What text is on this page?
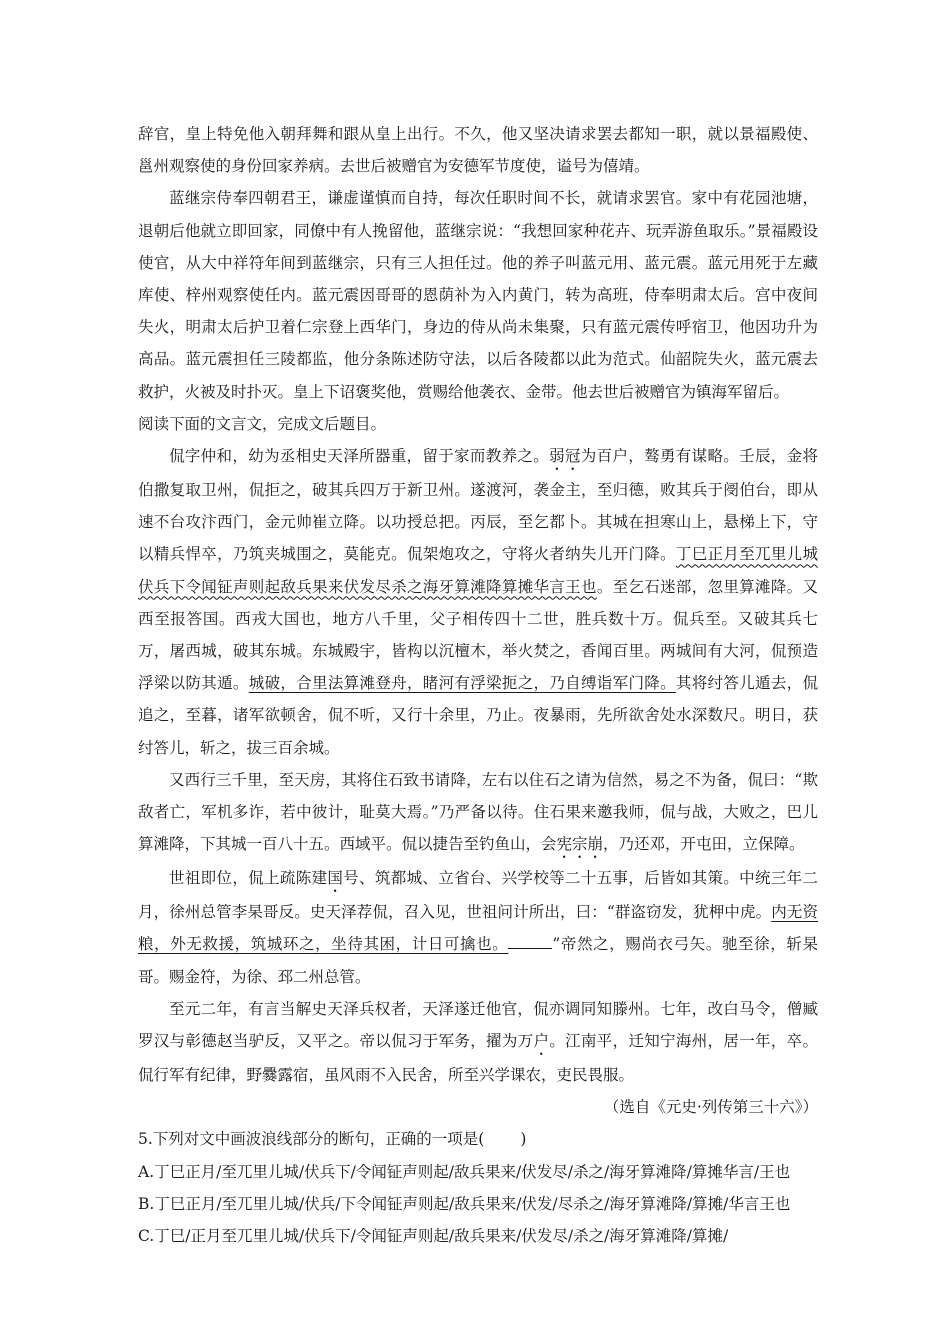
辞官，皇上特免他入朝拜舞和跟从皇上出行。不久，他又坚决请求罢去都知一职，就以景福殿使、邕州观察使的身份回家养病。去世后被赠官为安德军节度使，谥号为僖靖。

蓝继宗侍奉四朝君王，谦虚谨慎而自持，每次任职时间不长，就请求罢官。家中有花园池塘，退朝后他就立即回家，同僚中有人挽留他，蓝继宗说：“我想回家种花卉、玩弄游鱼取乐。”景福殿设使官，从大中祥符年间到蓝继宗，只有三人担任过。他的养子叫蓝元用、蓝元震。蓝元用死于左藏库使、梓州观察使任内。蓝元震因哥哥的恩荫补为入内黄门，转为高班，侍奉明肃太后。宫中夜间失火，明肃太后护卫着仁宗登上西华门，身边的侍从尚未集聚，只有蓝元震传呼宿卫，他因功升为高品。蓝元震担任三陵都监，他分条陈述防守法，以后各陵都以此为范式。仙韶院失火，蓝元震去救护，火被及时扑灭。皇上下诏褒奖他，赏赐给他袭衣、金带。他去世后被赠官为镇海军留后。

阅读下面的文言文，完成文后题目。

侃字仲和，幼为丞相史天泽所器重，留于家而教养之。弱冠为百户，骜勇有谋略。壬辰，金将伯撒复取卫州，侃拒之，破其兵四万于新卫州。遂渡河，袭金主，至归德，败其兵于阌伯台，即从速不台攻汴西门，金元帅崔立降。以功授总把。丙辰，至乞都卜。其城在担寒山上，悬梯上下，守以精兵悍卒，乃筑夹城围之，莫能克。侃架炮攻之，守将火者纳失儿开门降。丁巳正月至兀里儿城伏兵下令闻钲声则起敌兵果来伏发尽杀之海牙算滩降算摊华言王也。至乞石迷部，忽里算滩降。又西至报答国。西戎大国也，地方八千里，父子相传四十二世，胜兵数十万。侃兵至。又破其兵七万，屠西城，破其东城。东城殿宇，皆构以沉檀木，举火焚之，香闻百里。两城间有大河，侃预造浮梁以防其遁。城破，合里法算滩登舟，睹河有浮梁扼之，乃自缚诣军门降。其将纣答儿遁去，侃追之，至暮，诸军欲顿舍，侃不听，又行十余里，乃止。夜暴雨，先所欲舍处水深数尺。明日，获纣答儿，斩之，拔三百余城。

又西行三千里，至天房，其将住石致书请降，左右以住石之请为信然，易之不为备，侃曰：“欺敌者亡，军机多诈，若中彼计，耻莫大焉。”乃严备以待。住石果来邀我师，侃与战，大败之，巴儿算滩降，下其城一百八十五。西域平。侃以捷告至钓鱼山，会宪宗崩，乃还邓，开屯田，立保障。

世祖即位，侃上疏陈建国号、筑都城、立省台、兴学校等二十五事，后皆如其策。中统三年二月，徐州总管李杲哥反。史天泽荐侃，召入见，世祖问计所出，曰：“群盗窃发，犹柙中虎。内无资粮，外无救援，筑城环之，坐待其困，计日可擒也。	”帝然之，赐尚衣弓矢。驰至徐，斩杲哥。赐金符，为徐、邳二州总管。

至元二年，有言当解史天泽兵权者，天泽遂迁他官，侃亦调同知滕州。七年，改白马令，僧臧罗汉与彰德赵当驴反，又平之。帝以侃习于军务，擢为万户。江南平，迁知宁海州，居一年，卒。侃行军有纪律，野爨露宿，虽风雨不入民舍，所至兴学课农，吏民畏服。

（选自《元史·列传第三十六》）

5.下列对文中画波浪线部分的断句，正确的一项是( )

A.丁巳正月/至兀里儿城/伏兵下/令闻钲声则起/敌兵果来/伏发尽/杀之/海牙算滩降/算摊华言/王也

B.丁巳正月/至兀里儿城/伏兵/下令闻钲声则起/敌兵果来/伏发/尽杀之/海牙算滩降/算摊/华言王也

C.丁巳/正月至兀里儿城/伏兵下/令闻钲声则起/敌兵果来/伏发尽/杀之/海牙算滩降/算摊/
